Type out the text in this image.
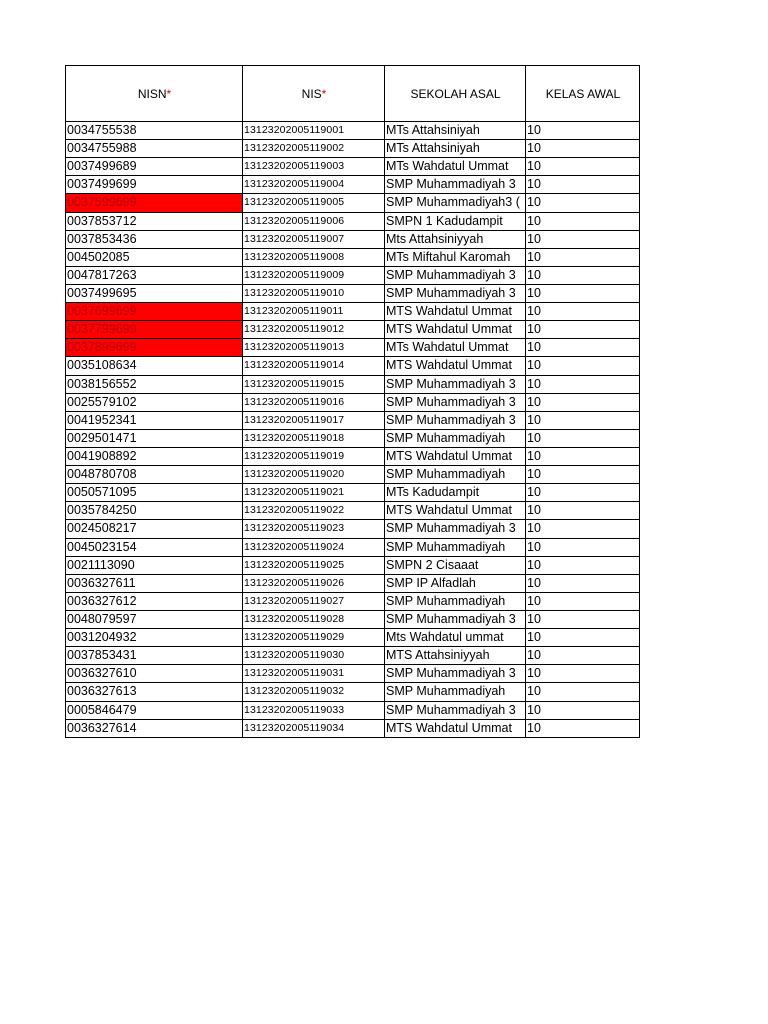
NISN*	NIS*	SEKOLAH ASAL	KELAS AWAL
0034755538	13123202005119001	MTs Attahsiniyah	10
0034755988	13123202005119002	MTs Attahsiniyah	10
0037499689	13123202005119003	MTs Wahdatul Ummat	10
0037499699	13123202005119004	SMP Muhammadiyah 3	10
0037599699	13123202005119005	SMP Muhammadiyah3 (	10
0037853712	13123202005119006	SMPN 1 Kadudampit	10
0037853436	13123202005119007	Mts Attahsiniyyah	10
004502085	13123202005119008	MTs Miftahul Karomah	10
0047817263	13123202005119009	SMP Muhammadiyah 3	10
0037499695	13123202005119010	SMP Muhammadiyah 3	10
0037699699	13123202005119011	MTS Wahdatul Ummat	10
0037799699	13123202005119012	MTS Wahdatul Ummat	10
0037899699	13123202005119013	MTs Wahdatul Ummat	10
0035108634	13123202005119014	MTS Wahdatul Ummat	10
0038156552	13123202005119015	SMP Muhammadiyah 3	10
0025579102	13123202005119016	SMP Muhammadiyah 3	10
0041952341	13123202005119017	SMP Muhammadiyah 3	10
0029501471	13123202005119018	SMP Muhammadiyah	10
0041908892	13123202005119019	MTS Wahdatul Ummat	10
0048780708	13123202005119020	SMP Muhammadiyah	10
0050571095	13123202005119021	MTs Kadudampit	10
0035784250	13123202005119022	MTS Wahdatul Ummat	10
0024508217	13123202005119023	SMP Muhammadiyah 3	10
0045023154	13123202005119024	SMP Muhammadiyah	10
0021113090	13123202005119025	SMPN 2 Cisaaat	10
0036327611	13123202005119026	SMP IP Alfadlah	10
0036327612	13123202005119027	SMP Muhammadiyah	10
0048079597	13123202005119028	SMP Muhammadiyah 3	10
0031204932	13123202005119029	Mts Wahdatul ummat	10
0037853431	13123202005119030	MTS Attahsiniyyah	10
0036327610	13123202005119031	SMP Muhammadiyah 3	10
0036327613	13123202005119032	SMP Muhammadiyah	10
0005846479	13123202005119033	SMP Muhammadiyah 3	10
0036327614	13123202005119034	MTS Wahdatul Ummat	10
